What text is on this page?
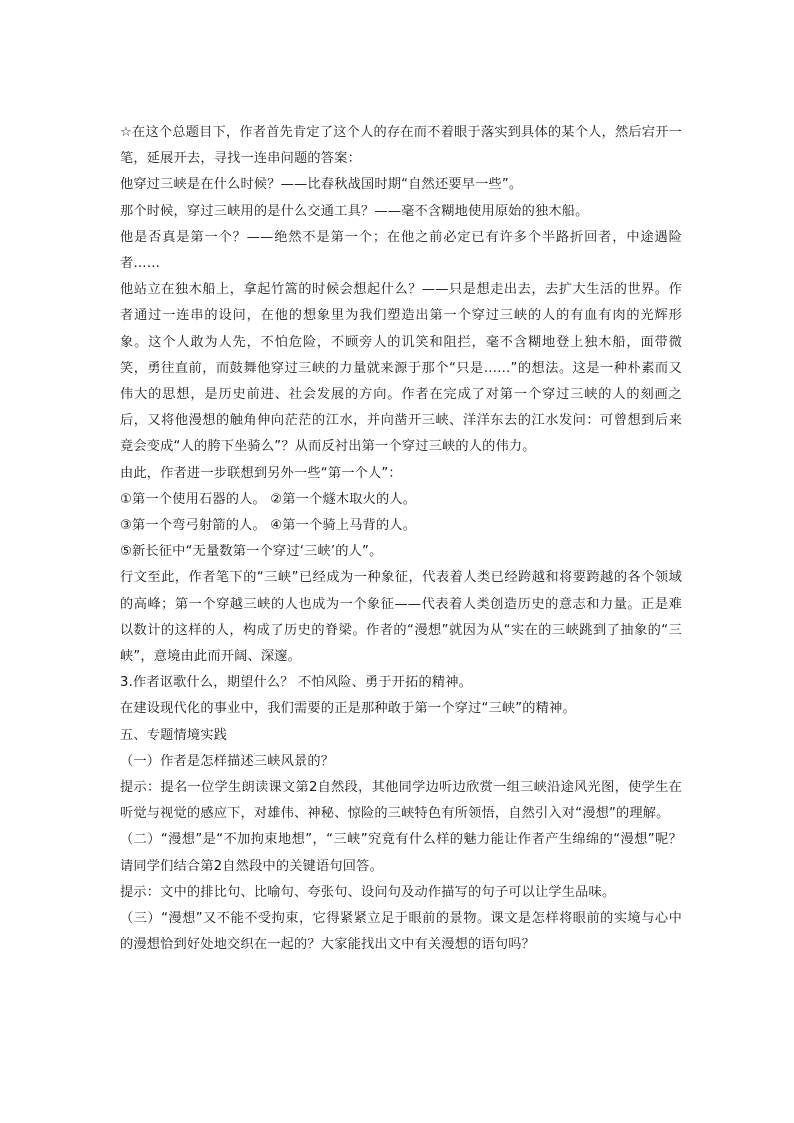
☆在这个总题目下，作者首先肯定了这个人的存在而不着眼于落实到具体的某个人，然后宕开一笔，延展开去，寻找一连串问题的答案：

他穿过三峡是在什么时候？——比春秋战国时期“自然还要早一些”。

那个时候，穿过三峡用的是什么交通工具？——毫不含糊地使用原始的独木船。

他是否真是第一个？——绝然不是第一个；在他之前必定已有许多个半路折回者，中途遇险者……

他站立在独木船上，拿起竹篙的时候会想起什么？——只是想走出去，去扩大生活的世界。作者通过一连串的设问，在他的想象里为我们塑造出第一个穿过三峡的人的有血有肉的光辉形象。这个人敢为人先，不怕危险，不顾旁人的讥笑和阻拦，毫不含糊地登上独木船，面带微笑，勇往直前，而鼓舞他穿过三峡的力量就来源于那个“只是……”的想法。这是一种朴素而又伟大的思想，是历史前进、社会发展的方向。作者在完成了对第一个穿过三峡的人的刻画之后，又将他漫想的触角伸向茫茫的江水，并向凿开三峡、洋洋东去的江水发问：可曾想到后来竟会变成“人的胯下坐骑么”？从而反衬出第一个穿过三峡的人的伟力。

由此，作者进一步联想到另外一些“第一个人”：

①第一个使用石器的人。 ②第一个燧木取火的人。

③第一个弯弓射箭的人。 ④第一个骑上马背的人。

⑤新长征中“无量数第一个穿过‘三峡’的人”。

行文至此，作者笔下的“三峡”已经成为一种象征，代表着人类已经跨越和将要跨越的各个领域的高峰；第一个穿越三峡的人也成为一个象征——代表着人类创造历史的意志和力量。正是难以数计的这样的人，构成了历史的脊梁。作者的“漫想”就因为从“实在的三峡跳到了抽象的“三峡”，意境由此而开阔、深邃。

3.作者讴歌什么，期望什么？ 不怕风险、勇于开拓的精神。

在建设现代化的事业中，我们需要的正是那种敢于第一个穿过“三峡”的精神。

五、专题情境实践

（一）作者是怎样描述三峡风景的？

提示：提名一位学生朗读课文第2自然段，其他同学边听边欣赏一组三峡沿途风光图，使学生在听觉与视觉的感应下，对雄伟、神秘、惊险的三峡特色有所领悟，自然引入对“漫想”的理解。

（二）“漫想”是“不加拘束地想”，“三峡”究竟有什么样的魅力能让作者产生绵绵的“漫想”呢？请同学们结合第2自然段中的关键语句回答。

提示：文中的排比句、比喻句、夸张句、设问句及动作描写的句子可以让学生品味。

（三）“漫想”又不能不受拘束，它得紧紧立足于眼前的景物。课文是怎样将眼前的实境与心中的漫想恰到好处地交织在一起的？大家能找出文中有关漫想的语句吗？
